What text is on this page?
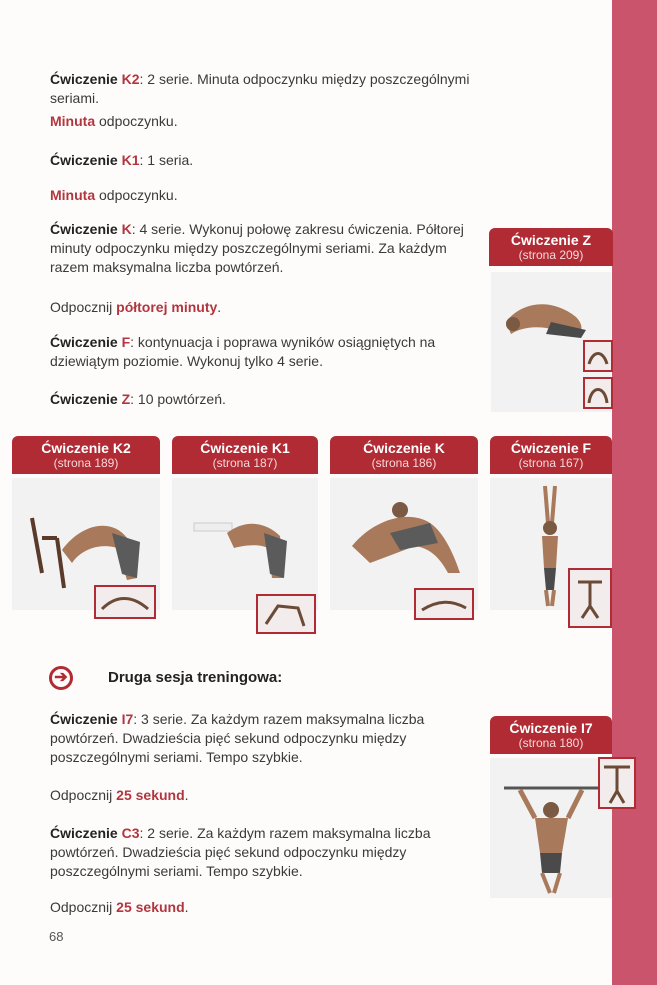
Ćwiczenie K2: 2 serie. Minuta odpoczynku między poszczególnymi seriami.
Minuta odpoczynku.
Ćwiczenie K1: 1 seria.
Minuta odpoczynku.
Ćwiczenie K: 4 serie. Wykonuj połowę zakresu ćwiczenia. Półtorej minuty odpoczynku między poszczególnymi seriami. Za każdym razem maksymalna liczba powtórzeń.
Odpocznij półtorej minuty.
Ćwiczenie F: kontynuacja i poprawa wyników osiągniętych na dziewiątym poziomie. Wykonuj tylko 4 serie.
Ćwiczenie Z: 10 powtórzeń.
Ćwiczenie Z
(strona 209)
Ćwiczenie K2
(strona 189)
Ćwiczenie K1
(strona 187)
Ćwiczenie K
(strona 186)
Ćwiczenie F
(strona 167)
➔	Druga sesja treningowa:
Ćwiczenie I7: 3 serie. Za każdym razem maksymalna liczba powtórzeń. Dwadzieścia pięć sekund odpoczynku między poszczególnymi seriami. Tempo szybkie.
Odpocznij 25 sekund.
Ćwiczenie C3: 2 serie. Za każdym razem maksymalna liczba powtórzeń. Dwadzieścia pięć sekund odpoczynku między poszczególnymi seriami. Tempo szybkie.
Odpocznij 25 sekund.
Ćwiczenie I7
(strona 180)
68
